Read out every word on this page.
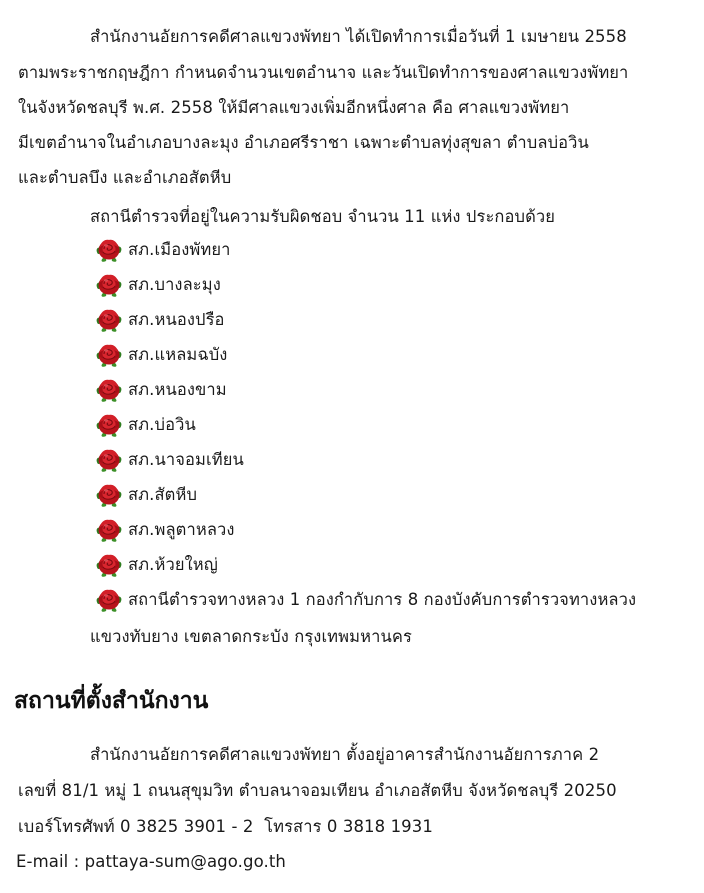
สำนักงานอัยการคดีศาลแขวงพัทยา ได้เปิดทำการเมื่อวันที่ 1 เมษายน 2558
ตามพระราชกฤษฎีกา กำหนดจำนวนเขตอำนาจ และวันเปิดทำการของศาลแขวงพัทยา
ในจังหวัดชลบุรี พ.ศ. 2558 ให้มีศาลแขวงเพิ่มอีกหนึ่งศาล คือ ศาลแขวงพัทยา
มีเขตอำนาจในอำเภอบางละมุง อำเภอศรีราชา เฉพาะตำบลทุ่งสุขลา ตำบลบ่อวิน
และตำบลบึง และอำเภอสัตหีบ
สถานีตำรวจที่อยู่ในความรับผิดชอบ จำนวน 11 แห่ง ประกอบด้วย
สภ.เมืองพัทยา
สภ.บางละมุง
สภ.หนองปรือ
สภ.แหลมฉบัง
สภ.หนองขาม
สภ.บ่อวิน
สภ.นาจอมเทียน
สภ.สัตหีบ
สภ.พลูตาหลวง
สภ.ห้วยใหญ่
สถานีตำรวจทางหลวง 1 กองกำกับการ 8 กองบังคับการตำรวจทางหลวง
แขวงทับยาง เขตลาดกระบัง กรุงเทพมหานคร
สถานที่ตั้งสำนักงาน
สำนักงานอัยการคดีศาลแขวงพัทยา ตั้งอยู่อาคารสำนักงานอัยการภาค 2
เลขที่ 81/1 หมู่ 1 ถนนสุขุมวิท ตำบลนาจอมเทียน อำเภอสัตหีบ จังหวัดชลบุรี 20250
เบอร์โทรศัพท์ 0 3825 3901 - 2  โทรสาร 0 3818 1931
E-mail : pattaya-sum@ago.go.th
